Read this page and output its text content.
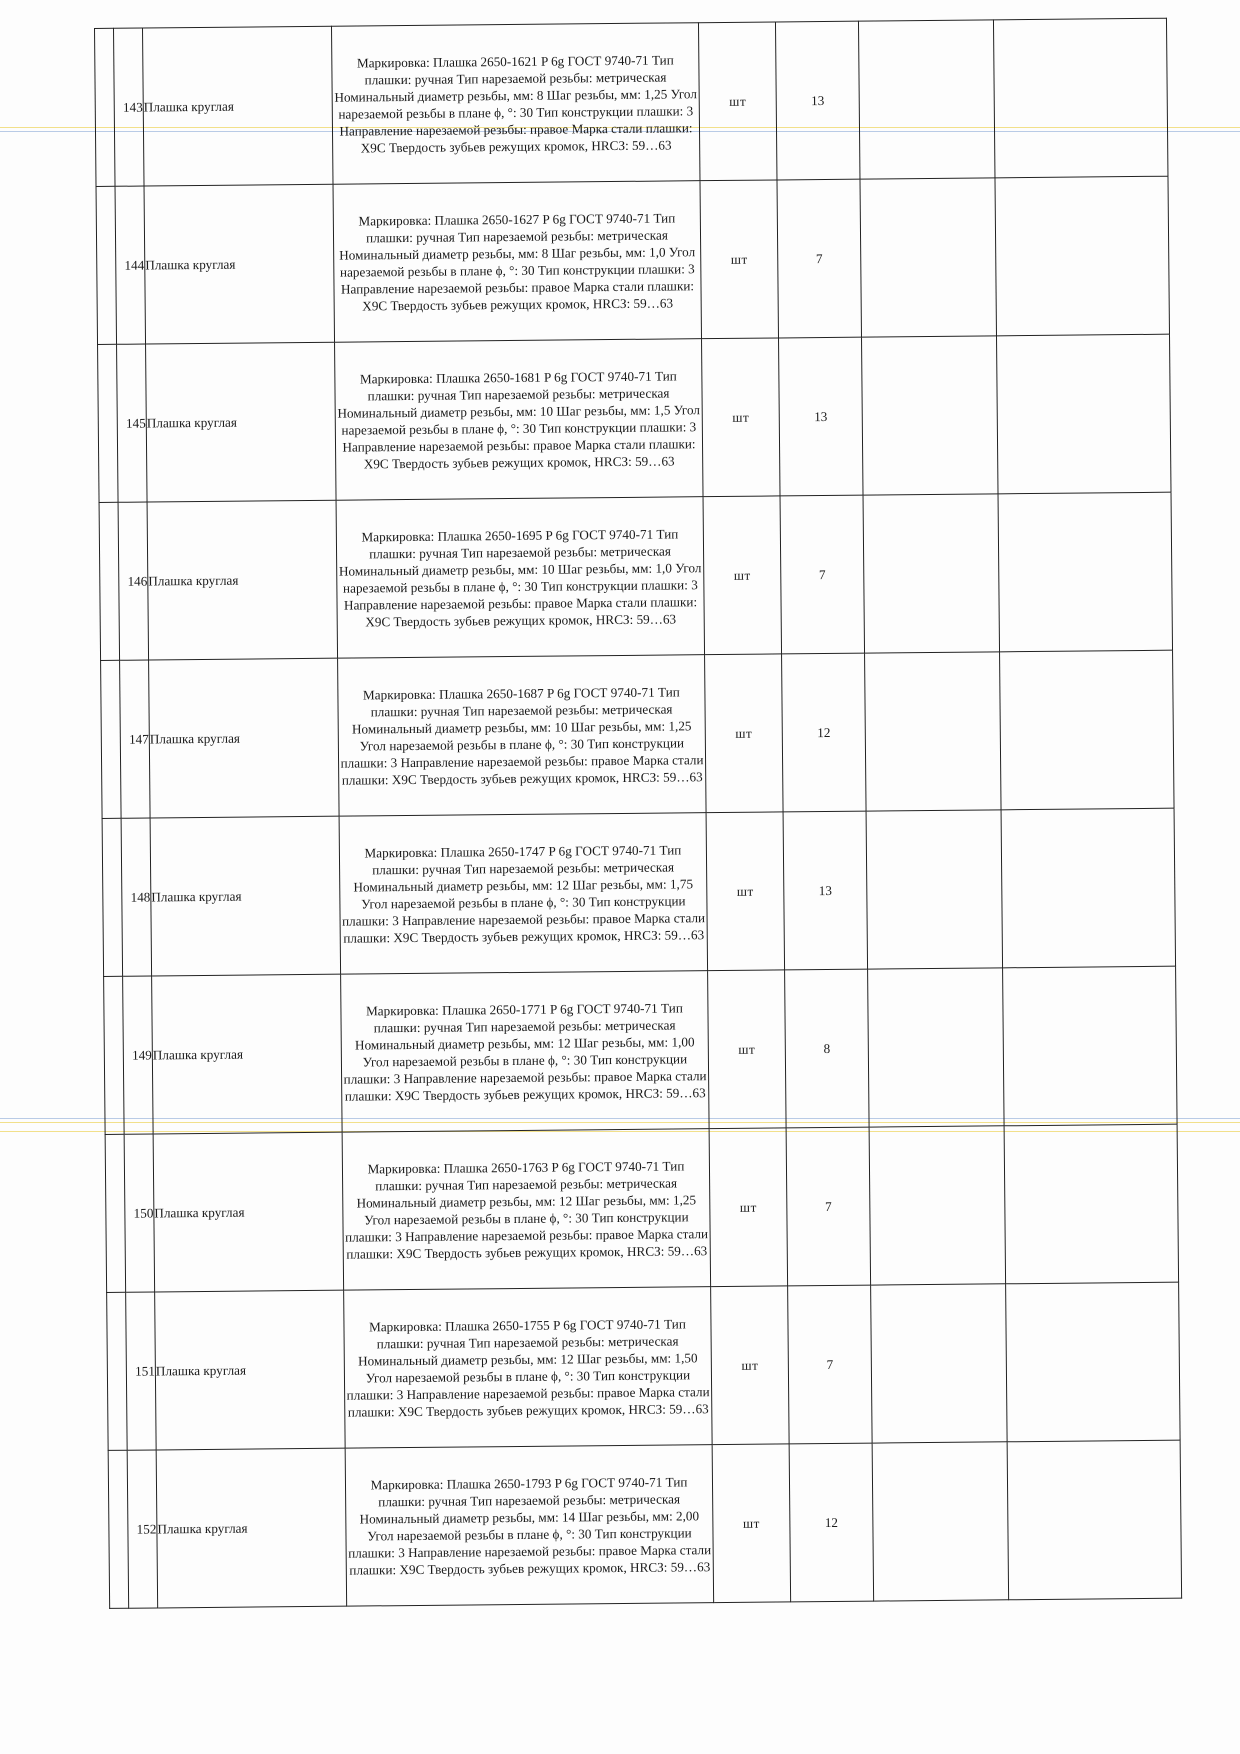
	143	Плашка круглая	Маркировка: Плашка 2650-1621 P 6g ГОСТ 9740-71 Тип плашки: ручная Тип нарезаемой резьбы: метрическая Номинальный диаметр резьбы, мм: 8 Шаг резьбы, мм: 1,25 Угол нарезаемой резьбы в плане ϕ, °: 30 Тип конструкции плашки: 3 Направление нарезаемой резьбы: правое Марка стали плашки: Х9С Твердость зубьев режущих кромок, HRCЗ: 59…63	шт	13		
	144	Плашка круглая	Маркировка: Плашка 2650-1627 P 6g ГОСТ 9740-71 Тип плашки: ручная Тип нарезаемой резьбы: метрическая Номинальный диаметр резьбы, мм: 8 Шаг резьбы, мм: 1,0 Угол нарезаемой резьбы в плане ϕ, °: 30 Тип конструкции плашки: 3 Направление нарезаемой резьбы: правое Марка стали плашки: Х9С Твердость зубьев режущих кромок, HRCЗ: 59…63	шт	7		
	145	Плашка круглая	Маркировка: Плашка 2650-1681 P 6g ГОСТ 9740-71 Тип плашки: ручная Тип нарезаемой резьбы: метрическая Номинальный диаметр резьбы, мм: 10 Шаг резьбы, мм: 1,5 Угол нарезаемой резьбы в плане ϕ, °: 30 Тип конструкции плашки: 3 Направление нарезаемой резьбы: правое Марка стали плашки: Х9С Твердость зубьев режущих кромок, HRCЗ: 59…63	шт	13		
	146	Плашка круглая	Маркировка: Плашка 2650-1695 P 6g ГОСТ 9740-71 Тип плашки: ручная Тип нарезаемой резьбы: метрическая Номинальный диаметр резьбы, мм: 10 Шаг резьбы, мм: 1,0 Угол нарезаемой резьбы в плане ϕ, °: 30 Тип конструкции плашки: 3 Направление нарезаемой резьбы: правое Марка стали плашки: Х9С Твердость зубьев режущих кромок, HRCЗ: 59…63	шт	7		
	147	Плашка круглая	Маркировка: Плашка 2650-1687 P 6g ГОСТ 9740-71 Тип плашки: ручная Тип нарезаемой резьбы: метрическая Номинальный диаметр резьбы, мм: 10 Шаг резьбы, мм: 1,25 Угол нарезаемой резьбы в плане ϕ, °: 30 Тип конструкции плашки: 3 Направление нарезаемой резьбы: правое Марка стали плашки: Х9С Твердость зубьев режущих кромок, HRCЗ: 59…63	шт	12		
	148	Плашка круглая	Маркировка: Плашка 2650-1747 P 6g ГОСТ 9740-71 Тип плашки: ручная Тип нарезаемой резьбы: метрическая Номинальный диаметр резьбы, мм: 12 Шаг резьбы, мм: 1,75 Угол нарезаемой резьбы в плане ϕ, °: 30 Тип конструкции плашки: 3 Направление нарезаемой резьбы: правое Марка стали плашки: Х9С Твердость зубьев режущих кромок, HRCЗ: 59…63	шт	13		
	149	Плашка круглая	Маркировка: Плашка 2650-1771 P 6g ГОСТ 9740-71 Тип плашки: ручная Тип нарезаемой резьбы: метрическая Номинальный диаметр резьбы, мм: 12 Шаг резьбы, мм: 1,00 Угол нарезаемой резьбы в плане ϕ, °: 30 Тип конструкции плашки: 3 Направление нарезаемой резьбы: правое Марка стали плашки: Х9С Твердость зубьев режущих кромок, HRCЗ: 59…63	шт	8		
	150	Плашка круглая	Маркировка: Плашка 2650-1763 P 6g ГОСТ 9740-71 Тип плашки: ручная Тип нарезаемой резьбы: метрическая Номинальный диаметр резьбы, мм: 12 Шаг резьбы, мм: 1,25 Угол нарезаемой резьбы в плане ϕ, °: 30 Тип конструкции плашки: 3 Направление нарезаемой резьбы: правое Марка стали плашки: Х9С Твердость зубьев режущих кромок, HRCЗ: 59…63	шт	7		
	151	Плашка круглая	Маркировка: Плашка 2650-1755 P 6g ГОСТ 9740-71 Тип плашки: ручная Тип нарезаемой резьбы: метрическая Номинальный диаметр резьбы, мм: 12 Шаг резьбы, мм: 1,50 Угол нарезаемой резьбы в плане ϕ, °: 30 Тип конструкции плашки: 3 Направление нарезаемой резьбы: правое Марка стали плашки: Х9С Твердость зубьев режущих кромок, HRCЗ: 59…63	шт	7		
	152	Плашка круглая	Маркировка: Плашка 2650-1793 P 6g ГОСТ 9740-71 Тип плашки: ручная Тип нарезаемой резьбы: метрическая Номинальный диаметр резьбы, мм: 14 Шаг резьбы, мм: 2,00 Угол нарезаемой резьбы в плане ϕ, °: 30 Тип конструкции плашки: 3 Направление нарезаемой резьбы: правое Марка стали плашки: Х9С Твердость зубьев режущих кромок, HRCЗ: 59…63	шт	12		
